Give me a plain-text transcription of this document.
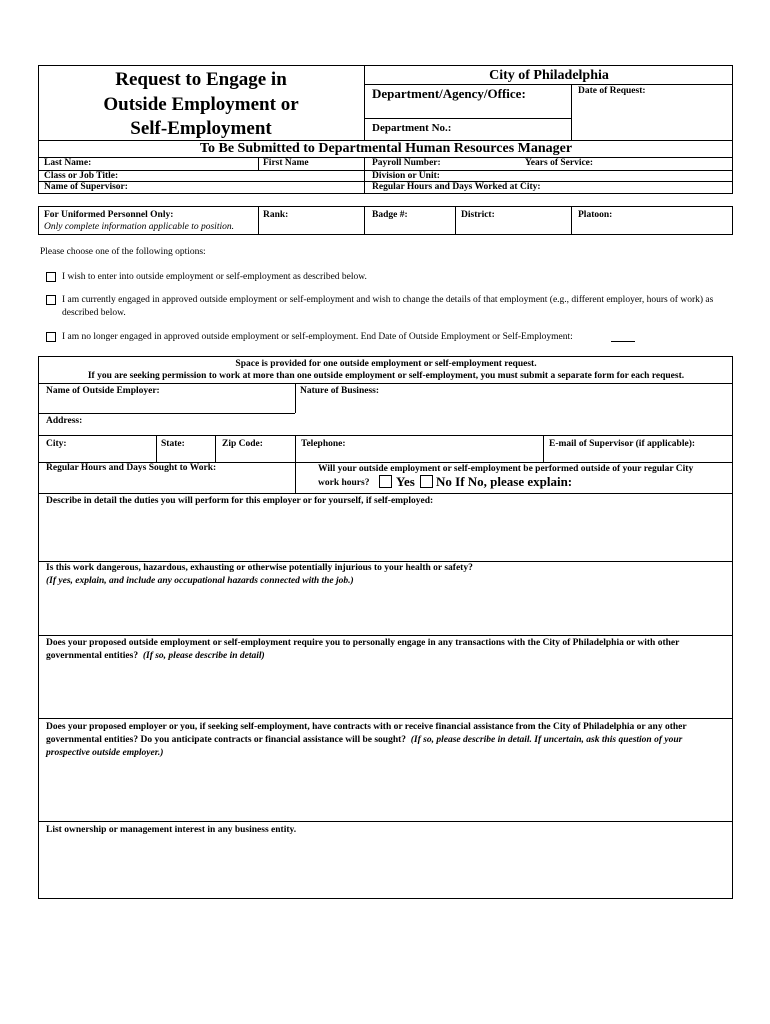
Request to Engage in
Outside Employment or
Self-Employment
City of Philadelphia
Department/Agency/Office:	Date of Request:
Department No.:
To Be Submitted to Departmental Human Resources Manager
Last Name:	First Name	Payroll Number:	Years of Service:
Class or Job Title:	Division or Unit:
Name of Supervisor:	Regular Hours and Days Worked at City:
For Uniformed Personnel Only:
Only complete information applicable to position.
Rank:	Badge #:	District:	Platoon:
Please choose one of the following options:
I wish to enter into outside employment or self-employment as described below.
I am currently engaged in approved outside employment or self-employment and wish to change the details of that employment (e.g., different employer, hours of work) as described below.
I am no longer engaged in approved outside employment or self-employment. End Date of Outside Employment or Self-Employment:
Space is provided for one outside employment or self-employment request.
If you are seeking permission to work at more than one outside employment or self-employment, you must submit a separate form for each request.
Name of Outside Employer:	Nature of Business:
Address:
City:	State:	Zip Code:	Telephone:	E-mail of Supervisor (if applicable):
Regular Hours and Days Sought to Work:	Will your outside employment or self-employment be performed outside of your regular City
work hours? Yes No If No, please explain:
Describe in detail the duties you will perform for this employer or for yourself, if self-employed:
Is this work dangerous, hazardous, exhausting or otherwise potentially injurious to your health or safety?
(If yes, explain, and include any occupational hazards connected with the job.)
Does your proposed outside employment or self-employment require you to personally engage in any transactions with the City of Philadelphia or with other governmental entities? (If so, please describe in detail)
Does your proposed employer or you, if seeking self-employment, have contracts with or receive financial assistance from the City of Philadelphia or any other governmental entities? Do you anticipate contracts or financial assistance will be sought? (If so, please describe in detail. If uncertain, ask this question of your prospective outside employer.)
List ownership or management interest in any business entity.
